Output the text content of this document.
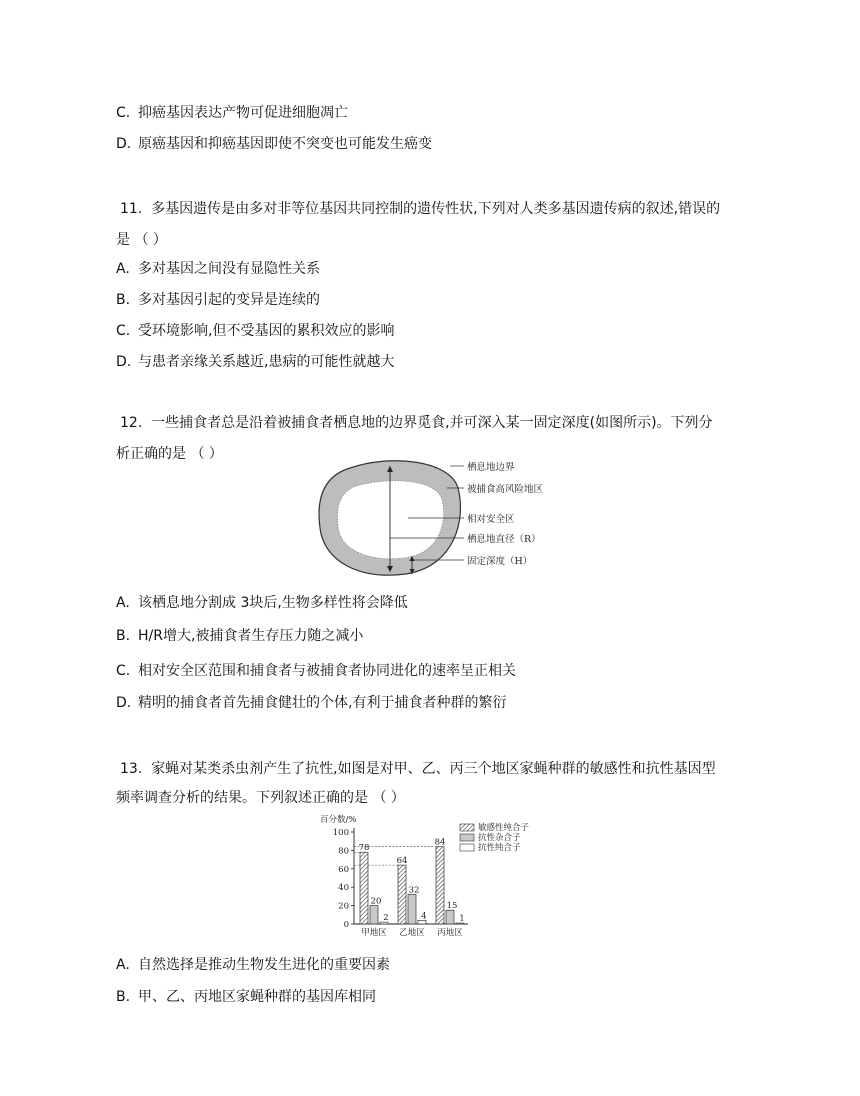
C. 抑癌基因表达产物可促进细胞凋亡
D. 原癌基因和抑癌基因即使不突变也可能发生癌变
11. 多基因遗传是由多对非等位基因共同控制的遗传性状,下列对人类多基因遗传病的叙述,错误的
是 （ ）
A. 多对基因之间没有显隐性关系
B. 多对基因引起的变异是连续的
C. 受环境影响,但不受基因的累积效应的影响
D. 与患者亲缘关系越近,患病的可能性就越大
12. 一些捕食者总是沿着被捕食者栖息地的边界觅食,并可深入某一固定深度(如图所示)。下列分
析正确的是 （ ）
栖息地边界
被捕食高风险地区
相对安全区
栖息地直径（R）
固定深度（H）
A. 该栖息地分割成 3块后,生物多样性将会降低
B. H/R增大,被捕食者生存压力随之减小
C. 相对安全区范围和捕食者与被捕食者协同进化的速率呈正相关
D. 精明的捕食者首先捕食健壮的个体,有利于捕食者种群的繁衍
13. 家蝇对某类杀虫剂产生了抗性,如图是对甲、乙、丙三个地区家蝇种群的敏感性和抗性基因型
频率调查分析的结果。下列叙述正确的是 （ ）
百分数/%
0
20
40
60
80
100
78
20
2
甲地区
64
32
4
乙地区
84
15
1
丙地区
敏感性纯合子
抗性杂合子
抗性纯合子
A. 自然选择是推动生物发生进化的重要因素
B. 甲、乙、丙地区家蝇种群的基因库相同
